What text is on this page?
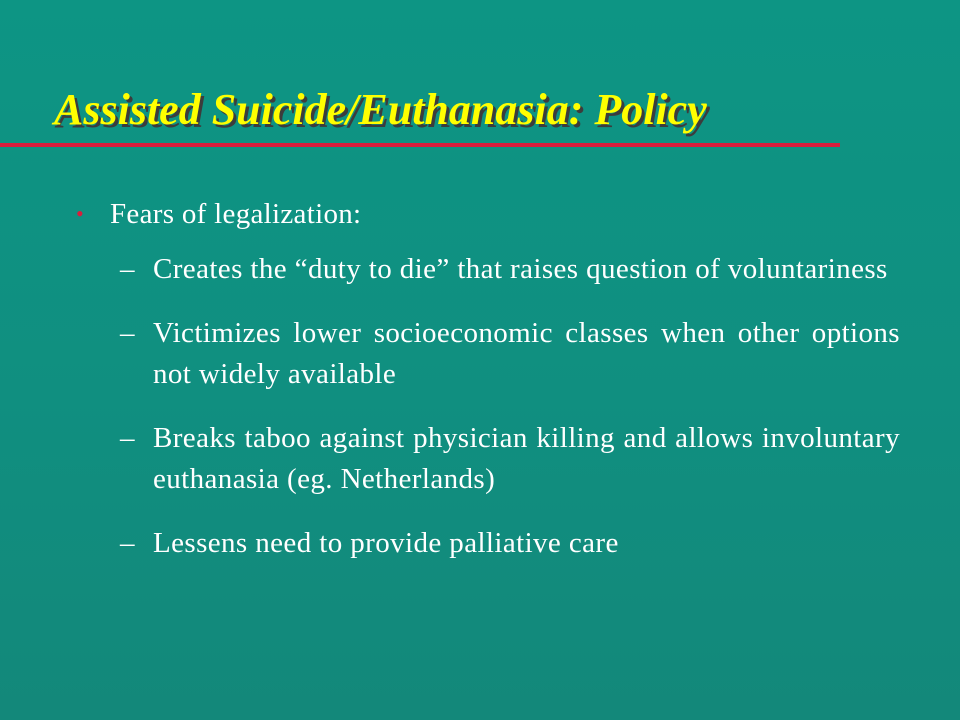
Assisted Suicide/Euthanasia: Policy
• Fears of legalization:
– Creates the “duty to die” that raises question of voluntariness
– Victimizes lower socioeconomic classes when other options not widely available
– Breaks taboo against physician killing and allows involuntary euthanasia (eg. Netherlands)
– Lessens need to provide palliative care
